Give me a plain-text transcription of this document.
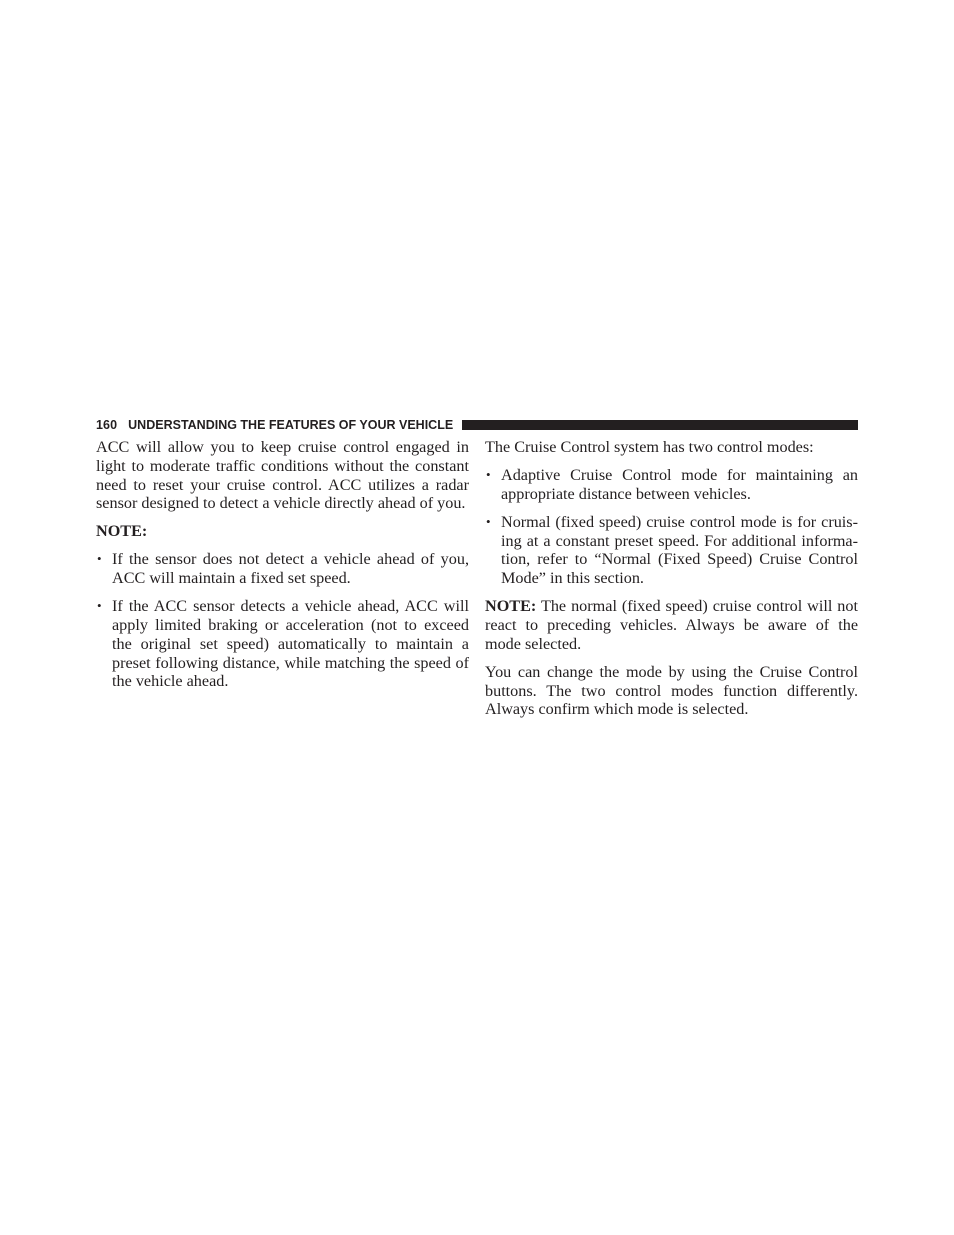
160 UNDERSTANDING THE FEATURES OF YOUR VEHICLE

ACC will allow you to keep cruise control engaged in light to moderate traffic conditions without the constant need to reset your cruise control. ACC utilizes a radar sensor designed to detect a vehicle directly ahead of you.

NOTE:
• If the sensor does not detect a vehicle ahead of you, ACC will maintain a fixed set speed.
• If the ACC sensor detects a vehicle ahead, ACC will apply limited braking or acceleration (not to exceed the original set speed) automatically to maintain a preset following distance, while matching the speed of the vehicle ahead.

The Cruise Control system has two control modes:

• Adaptive Cruise Control mode for maintaining an appropriate distance between vehicles.
• Normal (fixed speed) cruise control mode is for cruising at a constant preset speed. For additional information, refer to “Normal (Fixed Speed) Cruise Control Mode” in this section.

NOTE: The normal (fixed speed) cruise control will not react to preceding vehicles. Always be aware of the mode selected.

You can change the mode by using the Cruise Control buttons. The two control modes function differently. Always confirm which mode is selected.
